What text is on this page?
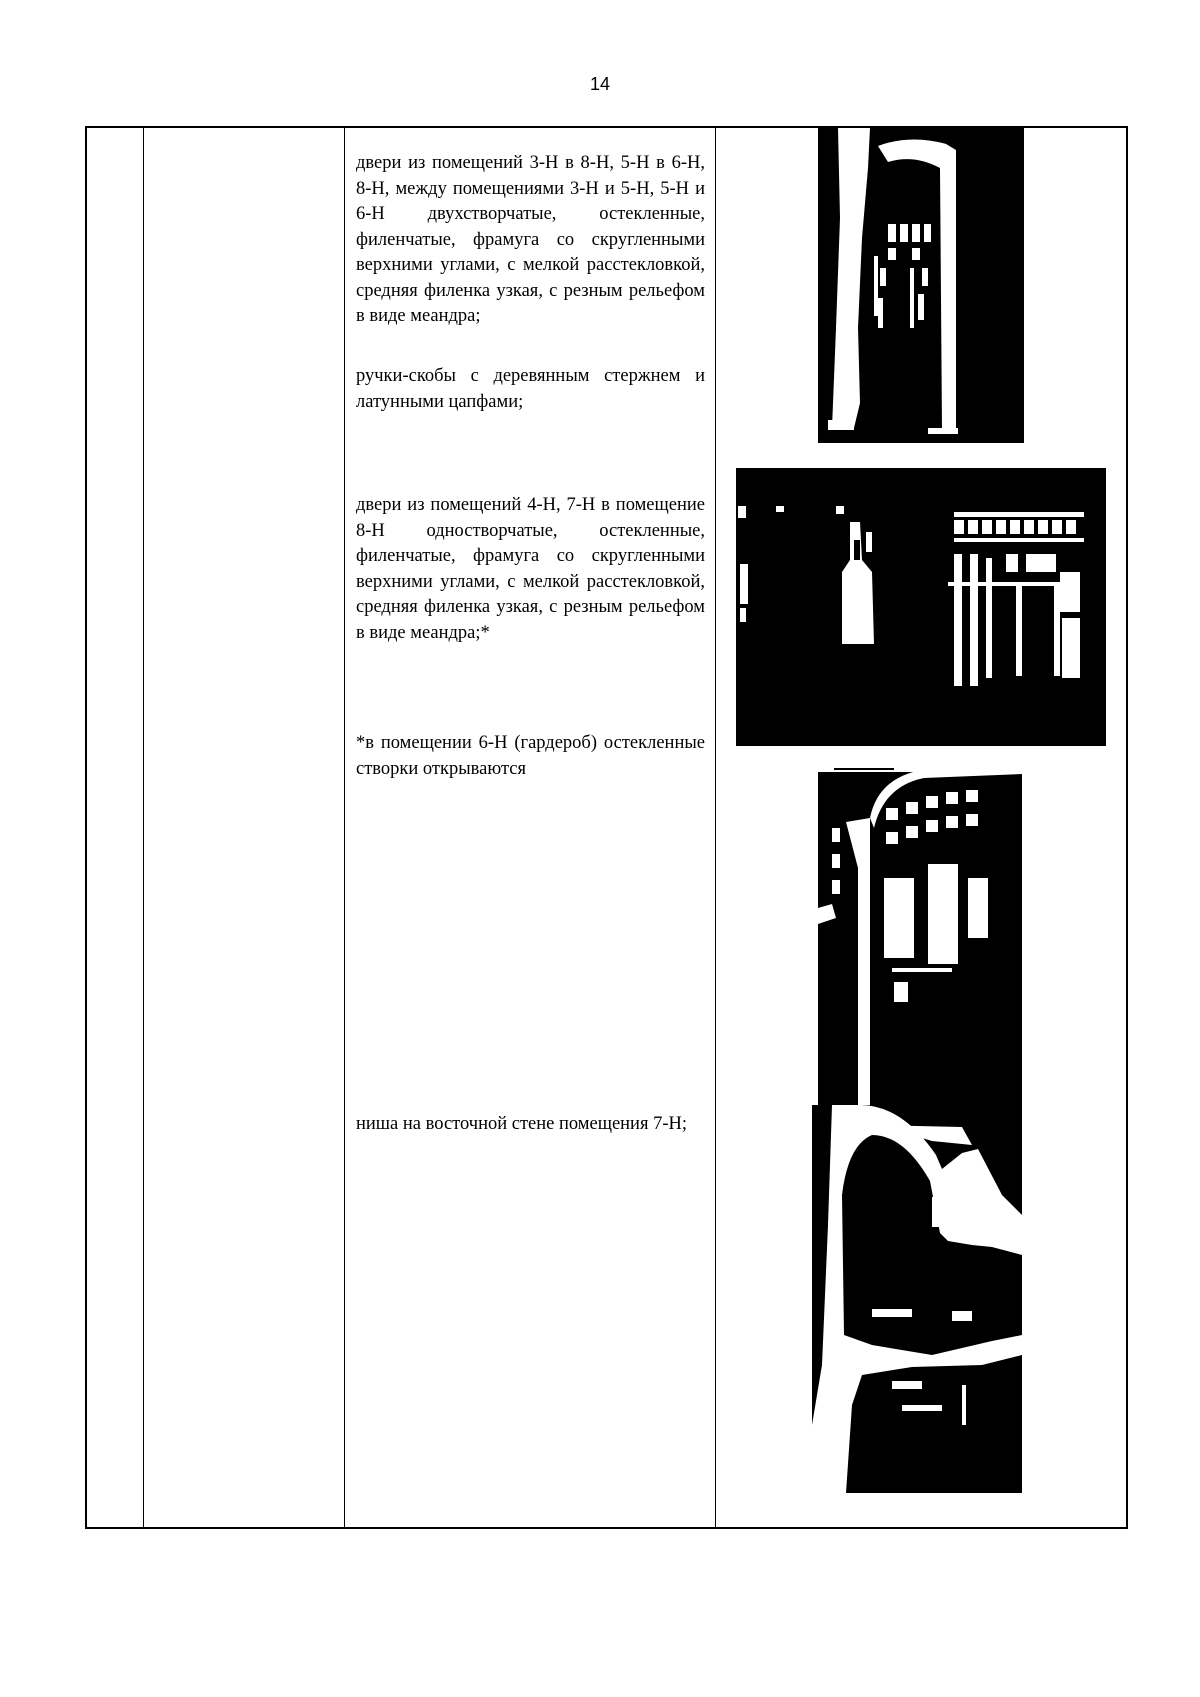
14
двери из помещений 3-Н в 8-Н, 5-Н в 6-Н, 8-Н, между помещениями 3-Н и 5-Н, 5-Н и 6-Н двухстворчатые, остекленные, филенчатые, фрамуга со скругленными верхними углами, с мелкой расстекловкой, средняя филенка узкая, с резным рельефом в виде меандра;
ручки-скобы с деревянным стержнем и латунными цапфами;
двери из помещений 4-Н, 7-Н в помещение 8-Н одностворчатые, остекленные, филенчатые, фрамуга со скругленными верхними углами, с мелкой расстекловкой, средняя филенка узкая, с резным рельефом в виде меандра;*
*в помещении 6-Н (гардероб) остекленные створки открываются
ниша на восточной стене помещения 7-Н;
